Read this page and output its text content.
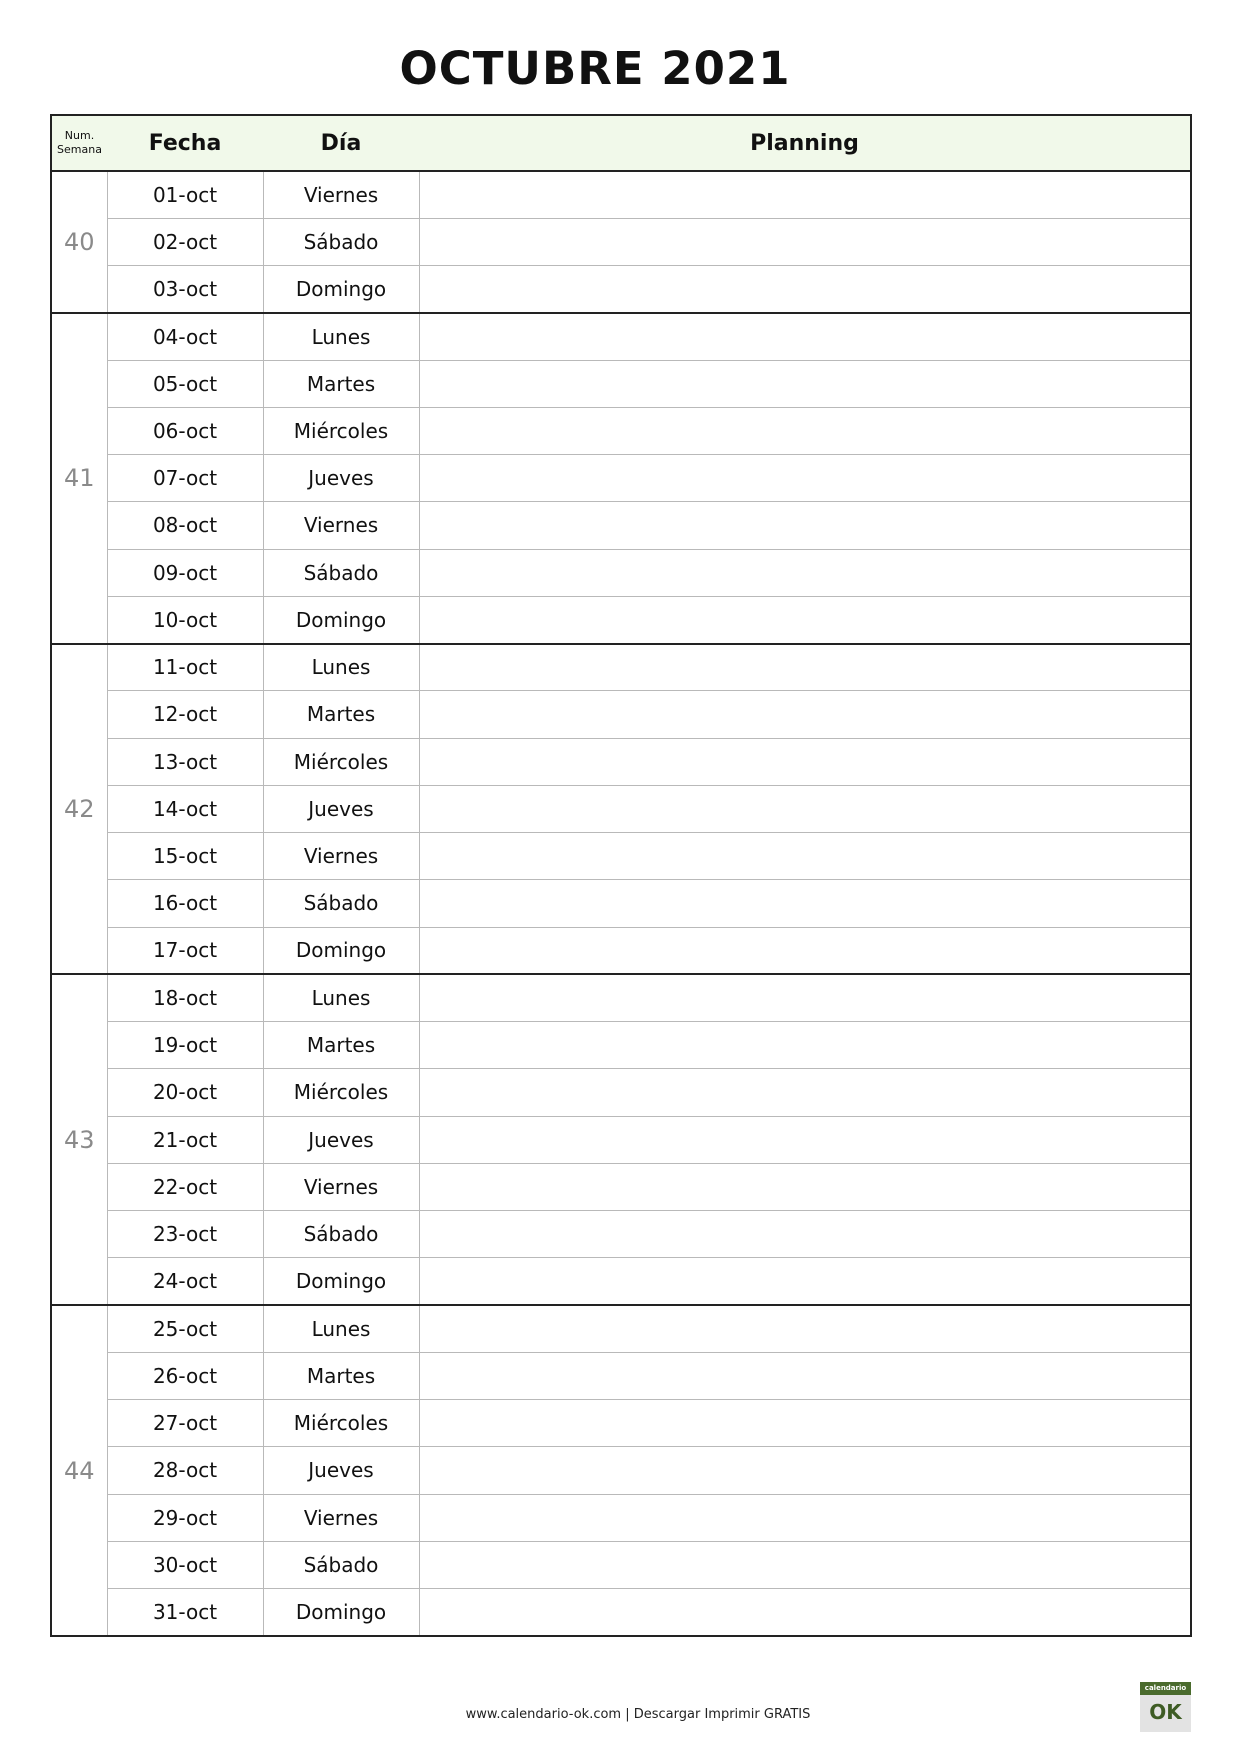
OCTUBRE 2021
Num.
Semana	Fecha	Día	Planning
40	01-oct	Viernes	
	02-oct	Sábado	
	03-oct	Domingo	
41	04-oct	Lunes	
	05-oct	Martes	
	06-oct	Miércoles	
	07-oct	Jueves	
	08-oct	Viernes	
	09-oct	Sábado	
	10-oct	Domingo	
42	11-oct	Lunes	
	12-oct	Martes	
	13-oct	Miércoles	
	14-oct	Jueves	
	15-oct	Viernes	
	16-oct	Sábado	
	17-oct	Domingo	
43	18-oct	Lunes	
	19-oct	Martes	
	20-oct	Miércoles	
	21-oct	Jueves	
	22-oct	Viernes	
	23-oct	Sábado	
	24-oct	Domingo	
44	25-oct	Lunes	
	26-oct	Martes	
	27-oct	Miércoles	
	28-oct	Jueves	
	29-oct	Viernes	
	30-oct	Sábado	
	31-oct	Domingo	
www.calendario-ok.com | Descargar Imprimir GRATIS
calendario
OK
